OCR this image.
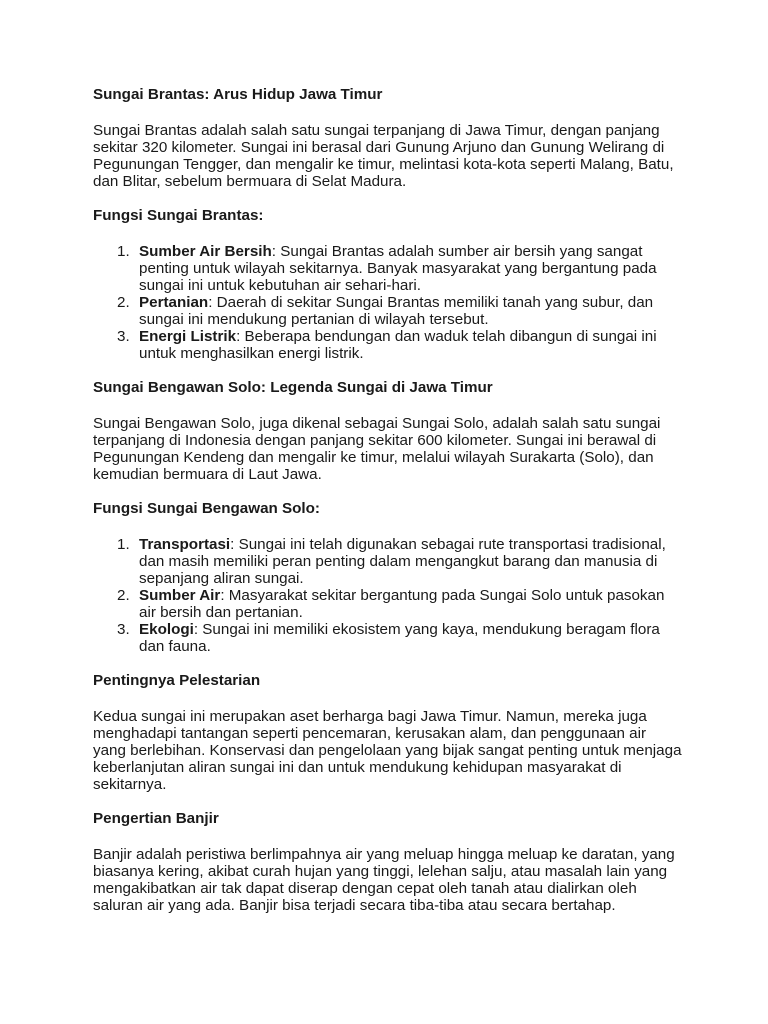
Sungai Brantas: Arus Hidup Jawa Timur

Sungai Brantas adalah salah satu sungai terpanjang di Jawa Timur, dengan panjang sekitar 320 kilometer. Sungai ini berasal dari Gunung Arjuno dan Gunung Welirang di Pegunungan Tengger, dan mengalir ke timur, melintasi kota-kota seperti Malang, Batu, dan Blitar, sebelum bermuara di Selat Madura.

Fungsi Sungai Brantas:

1. Sumber Air Bersih: Sungai Brantas adalah sumber air bersih yang sangat penting untuk wilayah sekitarnya. Banyak masyarakat yang bergantung pada sungai ini untuk kebutuhan air sehari-hari.
2. Pertanian: Daerah di sekitar Sungai Brantas memiliki tanah yang subur, dan sungai ini mendukung pertanian di wilayah tersebut.
3. Energi Listrik: Beberapa bendungan dan waduk telah dibangun di sungai ini untuk menghasilkan energi listrik.

Sungai Bengawan Solo: Legenda Sungai di Jawa Timur

Sungai Bengawan Solo, juga dikenal sebagai Sungai Solo, adalah salah satu sungai terpanjang di Indonesia dengan panjang sekitar 600 kilometer. Sungai ini berawal di Pegunungan Kendeng dan mengalir ke timur, melalui wilayah Surakarta (Solo), dan kemudian bermuara di Laut Jawa.

Fungsi Sungai Bengawan Solo:

1. Transportasi: Sungai ini telah digunakan sebagai rute transportasi tradisional, dan masih memiliki peran penting dalam mengangkut barang dan manusia di sepanjang aliran sungai.
2. Sumber Air: Masyarakat sekitar bergantung pada Sungai Solo untuk pasokan air bersih dan pertanian.
3. Ekologi: Sungai ini memiliki ekosistem yang kaya, mendukung beragam flora dan fauna.

Pentingnya Pelestarian

Kedua sungai ini merupakan aset berharga bagi Jawa Timur. Namun, mereka juga menghadapi tantangan seperti pencemaran, kerusakan alam, dan penggunaan air yang berlebihan. Konservasi dan pengelolaan yang bijak sangat penting untuk menjaga keberlanjutan aliran sungai ini dan untuk mendukung kehidupan masyarakat di sekitarnya.

Pengertian Banjir

Banjir adalah peristiwa berlimpahnya air yang meluap hingga meluap ke daratan, yang biasanya kering, akibat curah hujan yang tinggi, lelehan salju, atau masalah lain yang mengakibatkan air tak dapat diserap dengan cepat oleh tanah atau dialirkan oleh saluran air yang ada. Banjir bisa terjadi secara tiba-tiba atau secara bertahap.
